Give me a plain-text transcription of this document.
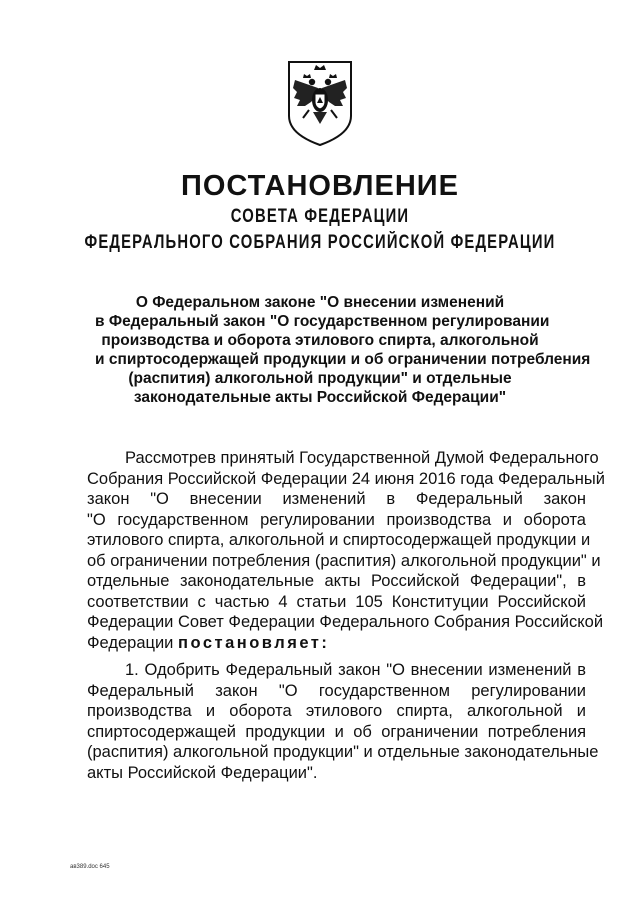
ПОСТАНОВЛЕНИЕ
СОВЕТА ФЕДЕРАЦИИ
ФЕДЕРАЛЬНОГО СОБРАНИЯ РОССИЙСКОЙ ФЕДЕРАЦИИ
О Федеральном законе "О внесении изменений
в Федеральный закон "О государственном регулировании
производства и оборота этилового спирта, алкогольной
и спиртосодержащей продукции и об ограничении потребления
(распития) алкогольной продукции" и отдельные
законодательные акты Российской Федерации"
Рассмотрев принятый Государственной Думой Федерального
Собрания Российской Федерации 24 июня 2016 года Федеральный
закон "О внесении изменений в Федеральный закон
"О государственном регулировании производства и оборота
этилового спирта, алкогольной и спиртосодержащей продукции и
об ограничении потребления (распития) алкогольной продукции" и
отдельные законодательные акты Российской Федерации", в
соответствии с частью 4 статьи 105 Конституции Российской
Федерации Совет Федерации Федерального Собрания Российской
Федерации постановляет:
1. Одобрить Федеральный закон "О внесении изменений в
Федеральный закон "О государственном регулировании
производства и оборота этилового спирта, алкогольной и
спиртосодержащей продукции и об ограничении потребления
(распития) алкогольной продукции" и отдельные законодательные
акты Российской Федерации".
ав389.doc 645
